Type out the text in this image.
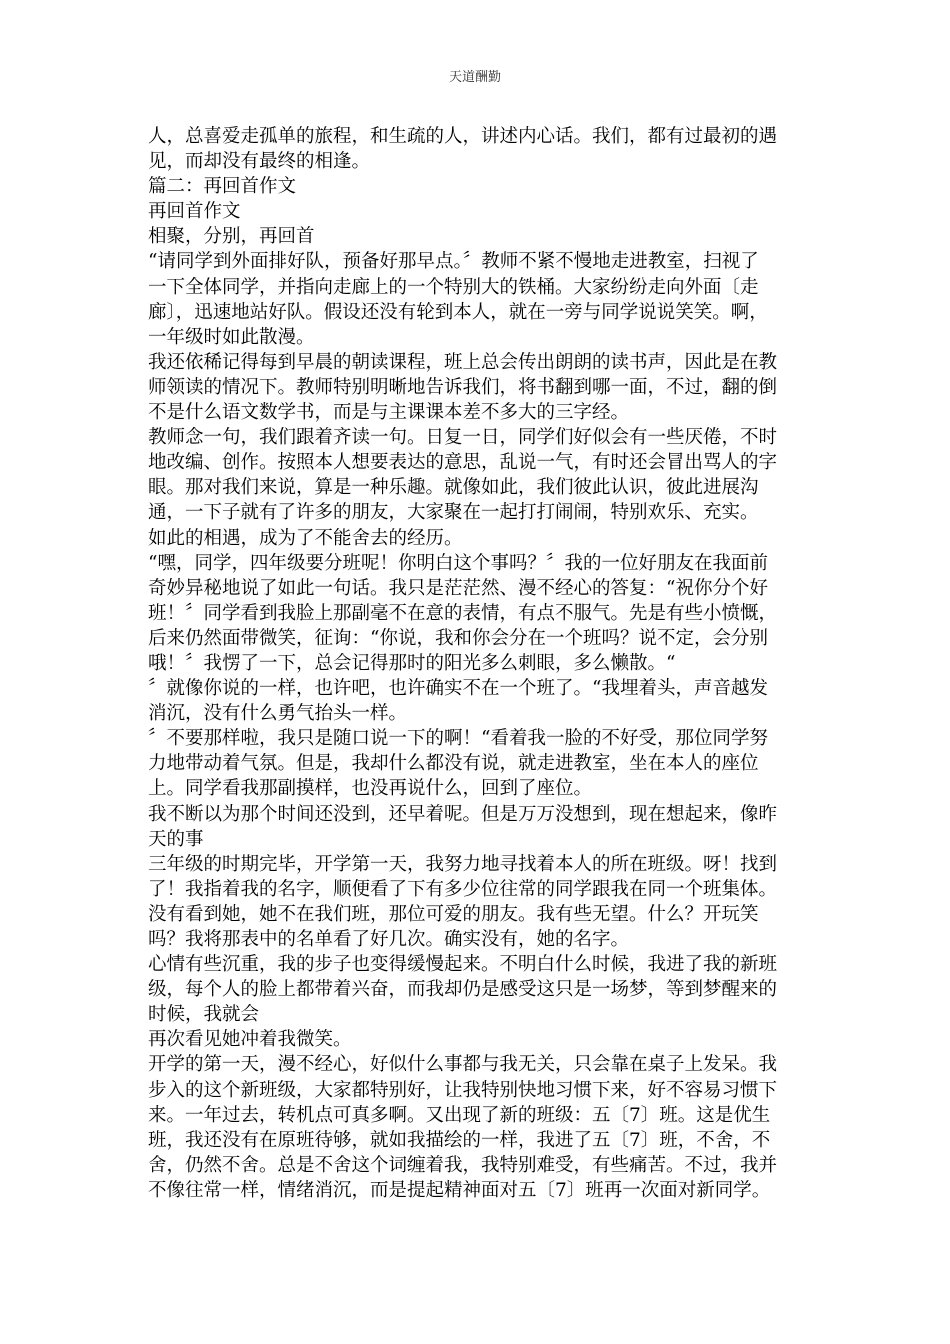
天道酬勤

人，总喜爱走孤单的旅程，和生疏的人，讲述内心话。我们，都有过最初的遇

见，而却没有最终的相逢。

篇二：再回首作文

再回首作文

相聚，分别，再回首

“请同学到外面排好队，预备好那早点。〞教师不紧不慢地走进教室，扫视了

一下全体同学，并指向走廊上的一个特别大的铁桶。大家纷纷走向外面〔走

廊〕，迅速地站好队。假设还没有轮到本人，就在一旁与同学说说笑笑。啊，

一年级时如此散漫。

我还依稀记得每到早晨的朝读课程，班上总会传出朗朗的读书声，因此是在教

师领读的情况下。教师特别明晰地告诉我们，将书翻到哪一面，不过，翻的倒

不是什么语文数学书，而是与主课课本差不多大的三字经。

教师念一句，我们跟着齐读一句。日复一日，同学们好似会有一些厌倦，不时

地改编、创作。按照本人想要表达的意思，乱说一气，有时还会冒出骂人的字

眼。那对我们来说，算是一种乐趣。就像如此，我们彼此认识，彼此进展沟

通，一下子就有了许多的朋友，大家聚在一起打打闹闹，特别欢乐、充实。

如此的相遇，成为了不能舍去的经历。

“嘿，同学，四年级要分班呢！你明白这个事吗？〞我的一位好朋友在我面前

奇妙异秘地说了如此一句话。我只是茫茫然、漫不经心的答复：“祝你分个好

班！〞同学看到我脸上那副毫不在意的表情，有点不服气。先是有些小愤慨，

后来仍然面带微笑，征询：“你说，我和你会分在一个班吗？说不定，会分别

哦！〞我愣了一下，总会记得那时的阳光多么刺眼，多么懒散。“

〞就像你说的一样，也许吧，也许确实不在一个班了。“我埋着头，声音越发

消沉，没有什么勇气抬头一样。

〞不要那样啦，我只是随口说一下的啊！“看着我一脸的不好受，那位同学努

力地带动着气氛。但是，我却什么都没有说，就走进教室，坐在本人的座位

上。同学看我那副摸样，也没再说什么，回到了座位。

我不断以为那个时间还没到，还早着呢。但是万万没想到，现在想起来，像昨

天的事

三年级的时期完毕，开学第一天，我努力地寻找着本人的所在班级。呀！找到

了！我指着我的名字，顺便看了下有多少位往常的同学跟我在同一个班集体。

没有看到她，她不在我们班，那位可爱的朋友。我有些无望。什么？开玩笑

吗？我将那表中的名单看了好几次。确实没有，她的名字。

心情有些沉重，我的步子也变得缓慢起来。不明白什么时候，我进了我的新班

级，每个人的脸上都带着兴奋，而我却仍是感受这只是一场梦，等到梦醒来的

时候，我就会

再次看见她冲着我微笑。

开学的第一天，漫不经心，好似什么事都与我无关，只会靠在桌子上发呆。我

步入的这个新班级，大家都特别好，让我特别快地习惯下来，好不容易习惯下

来。一年过去，转机点可真多啊。又出现了新的班级：五〔7〕班。这是优生

班，我还没有在原班待够，就如我描绘的一样，我进了五〔7〕班，不舍，不

舍，仍然不舍。总是不舍这个词缠着我，我特别难受，有些痛苦。不过，我并

不像往常一样，情绪消沉，而是提起精神面对五〔7〕班再一次面对新同学。
